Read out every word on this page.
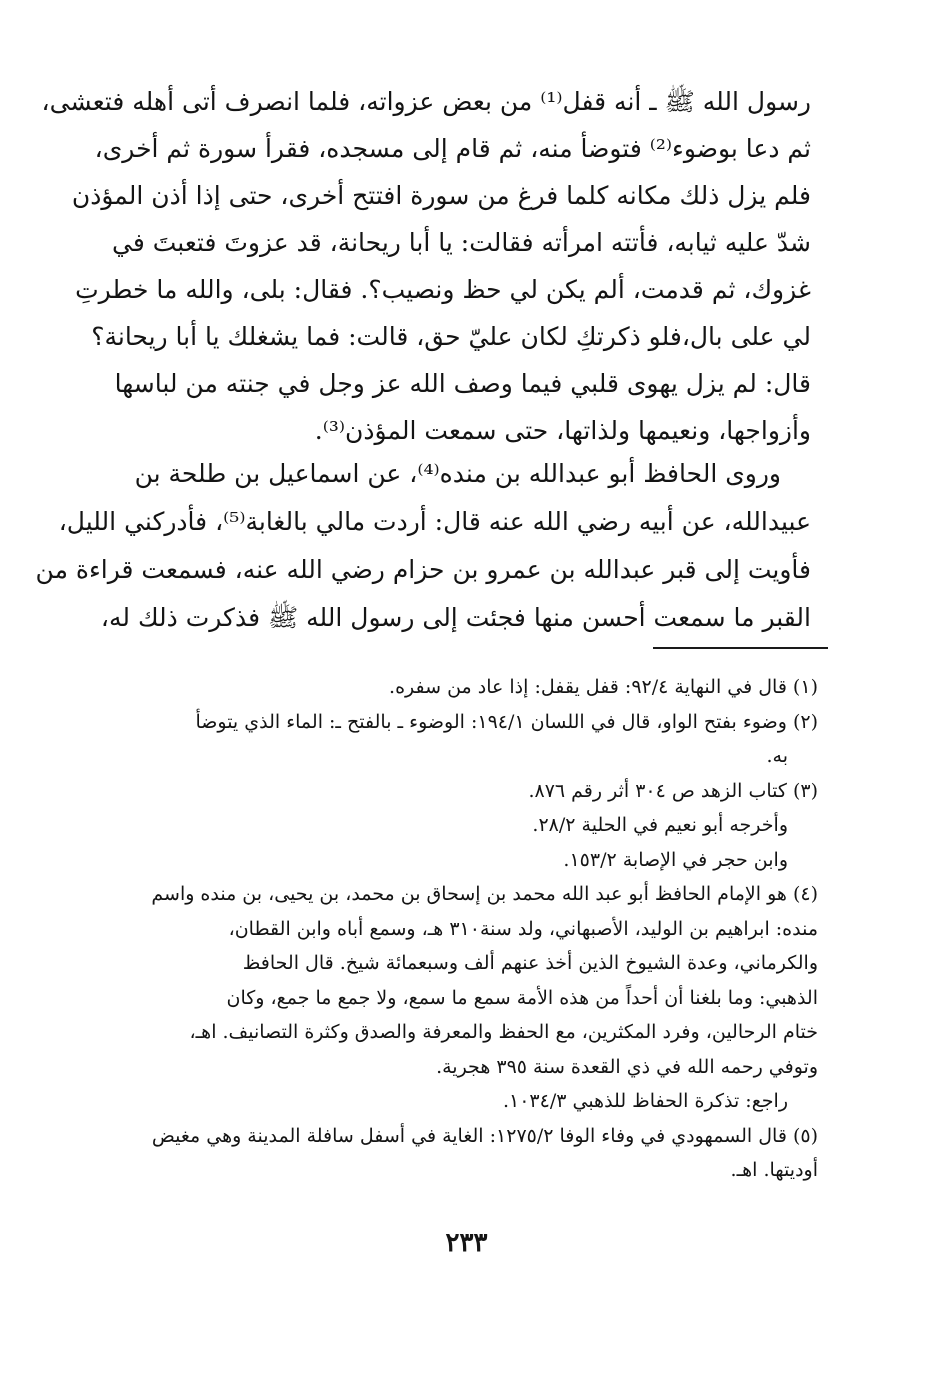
رسول الله ﷺ ـ أنه قفل⁽¹⁾ من بعض عزواته، فلما انصرف أتى أهله فتعشى،
ثم دعا بوضوء⁽²⁾ فتوضأ منه، ثم قام إلى مسجده، فقرأ سورة ثم أخرى،
فلم يزل ذلك مكانه كلما فرغ من سورة افتتح أخرى، حتى إذا أذن المؤذن
شدّ عليه ثيابه، فأتته امرأته فقالت: يا أبا ريحانة، قد عزوتَ فتعبتَ في
غزوك، ثم قدمت، ألم يكن لي حظ ونصيب؟. فقال: بلى، والله ما خطرتِ
لي على بال،فلو ذكرتكِ لكان عليّ حق، قالت: فما يشغلك يا أبا ريحانة؟
قال: لم يزل يهوى قلبي فيما وصف الله عز وجل في جنته من لباسها
وأزواجها، ونعيمها ولذاتها، حتى سمعت المؤذن⁽³⁾.
وروى الحافظ أبو عبدالله بن منده⁽⁴⁾، عن اسماعيل بن طلحة بن
عبيدالله، عن أبيه رضي الله عنه قال: أردت مالي بالغابة⁽⁵⁾، فأدركني الليل،
فأويت إلى قبر عبدالله بن عمرو بن حزام رضي الله عنه، فسمعت قراءة من
القبر ما سمعت أحسن منها فجئت إلى رسول الله ﷺ فذكرت ذلك له،
(١) قال في النهاية ٩٢/٤: قفل يقفل: إذا عاد من سفره.
(٢) وضوء بفتح الواو، قال في اللسان ١٩٤/١: الوضوء ـ بالفتح ـ: الماء الذي يتوضأ
به.
(٣) كتاب الزهد ص ٣٠٤ أثر رقم ٨٧٦.
وأخرجه أبو نعيم في الحلية ٢٨/٢.
وابن حجر في الإصابة ١٥٣/٢.
(٤) هو الإمام الحافظ أبو عبد الله محمد بن إسحاق بن محمد، بن يحيى، بن منده واسم
منده: ابراهيم بن الوليد، الأصبهاني، ولد سنة٣١٠ هـ، وسمع أباه وابن القطان،
والكرماني، وعدة الشيوخ الذين أخذ عنهم ألف وسبعمائة شيخ. قال الحافظ
الذهبي: وما بلغنا أن أحداً من هذه الأمة سمع ما سمع، ولا جمع ما جمع، وكان
ختام الرحالين، وفرد المكثرين، مع الحفظ والمعرفة والصدق وكثرة التصانيف. اهـ،
وتوفي رحمه الله في ذي القعدة سنة ٣٩٥ هجرية.
راجع: تذكرة الحفاظ للذهبي ١٠٣٤/٣.
(٥) قال السمهودي في وفاء الوفا ١٢٧٥/٢: الغاية في أسفل سافلة المدينة وهي مغيض
أوديتها. اهـ.
٢٣٣
